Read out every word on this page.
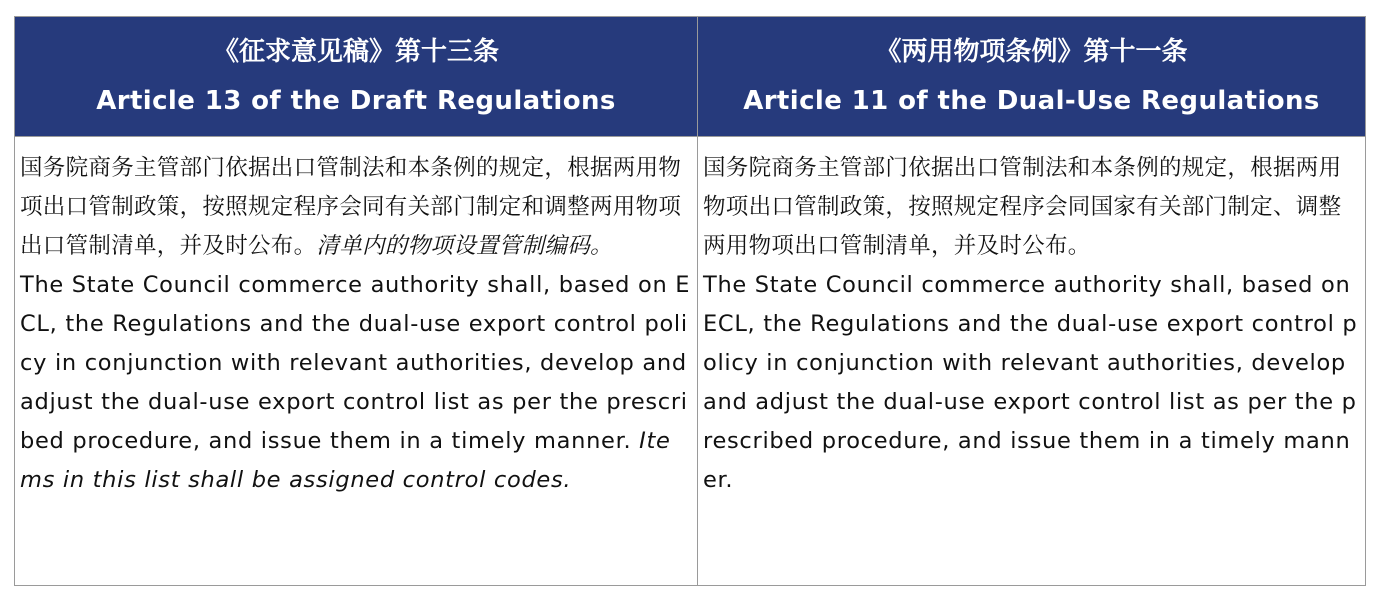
《征求意见稿》第十三条
Article 13 of the Draft Regulations
《两用物项条例》第十一条
Article 11 of the Dual-Use Regulations

国务院商务主管部门依据出口管制法和本条例的规定，根据两用物项出口管制政策，按照规定程序会同有关部门制定和调整两用物项出口管制清单，并及时公布。清单内的物项设置管制编码。

The State Council commerce authority shall, based on ECL, the Regulations and the dual-use export control policy in conjunction with relevant authorities, develop and adjust the dual-use export control list as per the prescribed procedure, and issue them in a timely manner. Items in this list shall be assigned control codes.

国务院商务主管部门依据出口管制法和本条例的规定，根据两用物项出口管制政策，按照规定程序会同国家有关部门制定、调整两用物项出口管制清单，并及时公布。

The State Council commerce authority shall, based on ECL, the Regulations and the dual-use export control policy in conjunction with relevant authorities, develop and adjust the dual-use export control list as per the prescribed procedure, and issue them in a timely manner.
